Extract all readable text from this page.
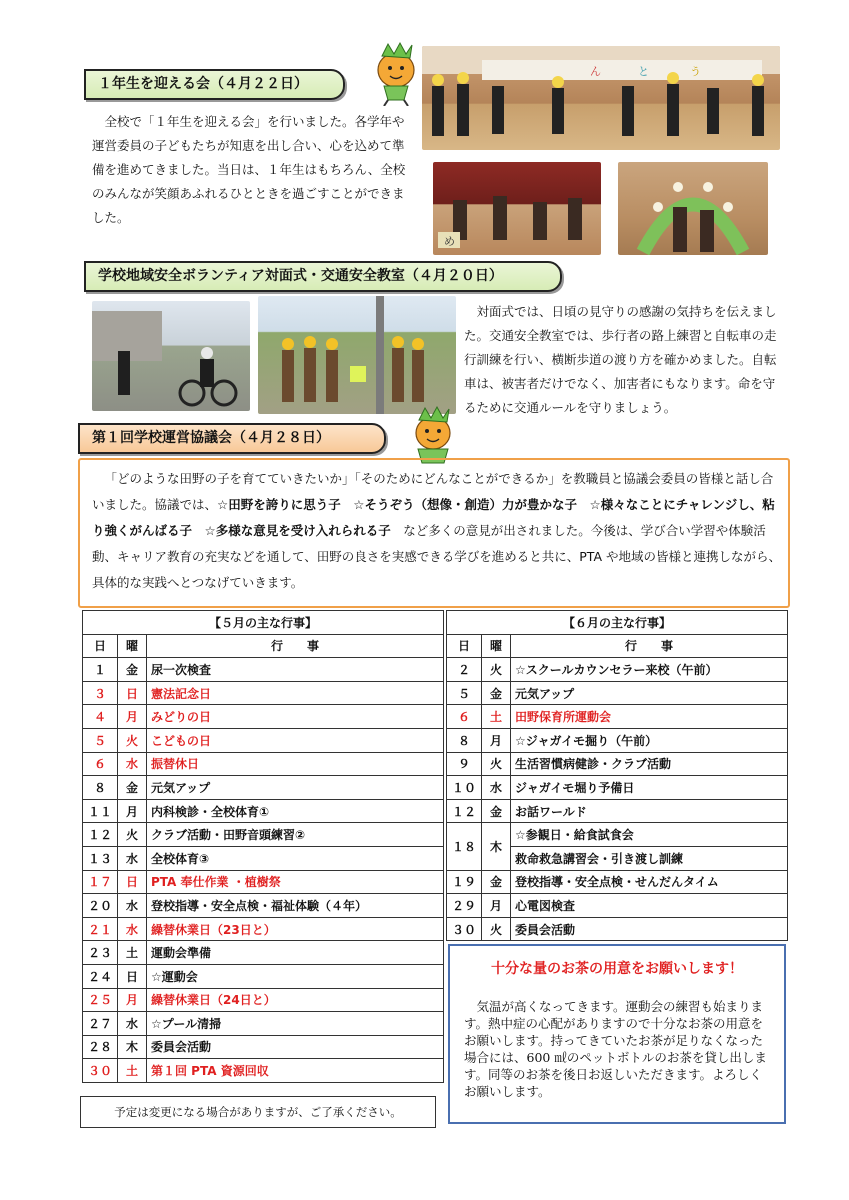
１年生を迎える会（４月２２日）
ん	と	う
全校で「１年生を迎える会」を行いました。各学年や運営委員の子どもたちが知恵を出し合い、心を込めて準備を進めてきました。当日は、１年生はもちろん、全校のみんなが笑顔あふれるひとときを過ごすことができました。
め
学校地域安全ボランティア対面式・交通安全教室（４月２０日）
対面式では、日頃の見守りの感謝の気持ちを伝えました。交通安全教室では、歩行者の路上練習と自転車の走行訓練を行い、横断歩道の渡り方を確かめました。自転車は、被害者だけでなく、加害者にもなります。命を守るために交通ルールを守りましょう。
第１回学校運営協議会（４月２８日）
「どのような田野の子を育てていきたいか」「そのためにどんなことができるか」を教職員と協議会委員の皆様と話し合いました。協議では、☆田野を誇りに思う子　 ☆そうぞう（想像・創造）力が豊かな子　 ☆様々なことにチャレンジし、粘り強くがんばる子　 ☆多様な意見を受け入れられる子　 など多くの意見が出されました。今後は、学び合い学習や体験活動、キャリア教育の充実などを通して、田野の良さを実感できる学びを進めると共に、PTA や地域の皆様と連携しながら、具体的な実践へとつなげていきます。
【５月の主な行事】		
日	曜	行　　事
１	金	尿一次検査
３	日	憲法記念日
４	月	みどりの日
５	火	こどもの日
６	水	振替休日
８	金	元気アップ
１１	月	内科検診・全校体育①
１２	火	クラブ活動・田野音頭練習②
１３	水	全校体育③
１７	日	PTA 奉仕作業 ・植樹祭
２０	水	登校指導・安全点検・福祉体験（４年）
２１	水	繰替休業日（23日と）
２３	土	運動会準備
２４	日	☆運動会
２５	月	繰替休業日（24日と）
２７	水	☆プール清掃
２８	木	委員会活動
３０	土	第１回 PTA 資源回収
【６月の主な行事】		
日	曜	行　　事
２	火	☆スクールカウンセラー来校（午前）
５	金	元気アップ
６	土	田野保育所運動会
８	月	☆ジャガイモ掘り（午前）
９	火	生活習慣病健診・クラブ活動
１０	水	ジャガイモ堀り予備日
１２	金	お話ワールド
１８	木	☆参観日・給食試食会
		救命救急講習会・引き渡し訓練
１９	金	登校指導・安全点検・せんだんタイム
２９	月	心電図検査
３０	火	委員会活動
十分な量のお茶の用意をお願いします！
気温が高くなってきます。運動会の練習も始まります。熱中症の心配がありますので十分なお茶の用意をお願いします。持ってきていたお茶が足りなくなった場合には、600 ㎖のペットボトルのお茶を貸し出します。同等のお茶を後日お返しいただきます。よろしくお願いします。
予定は変更になる場合がありますが、ご了承ください。
